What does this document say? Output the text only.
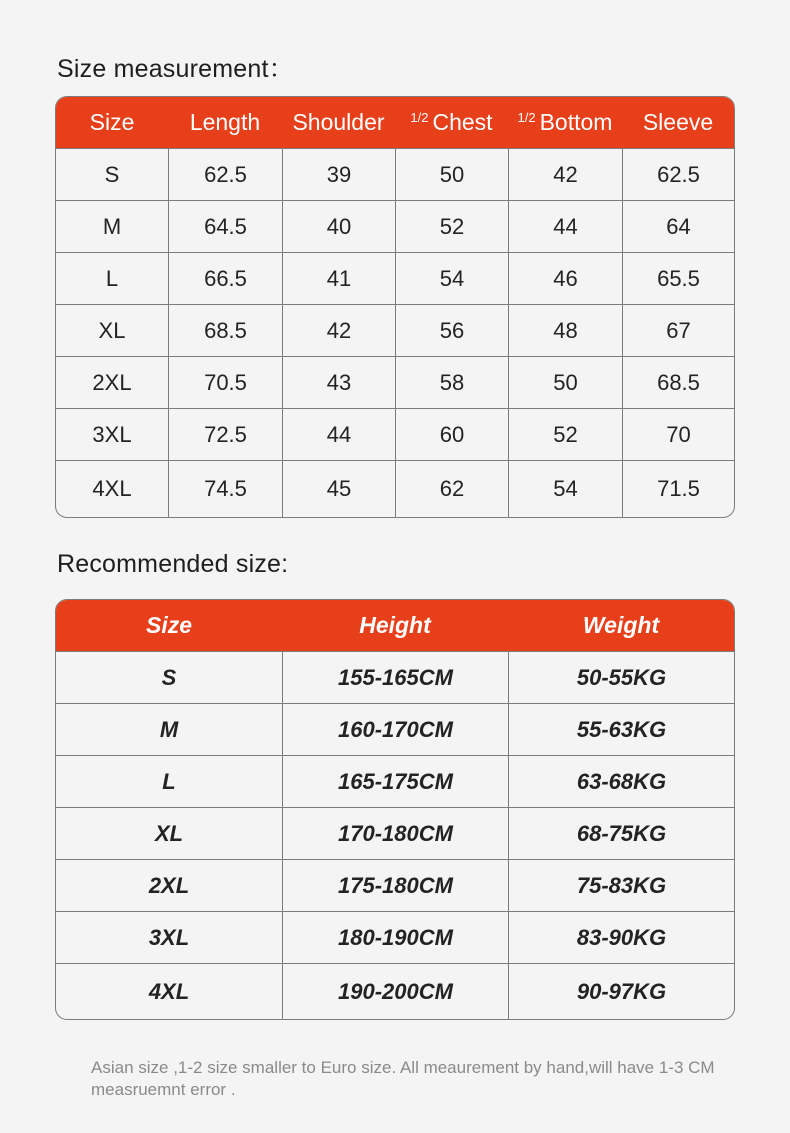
Size measurement：
Size	Length	Shoulder	$^{1/2}$ Chest	$^{1/2}$ Bottom	Sleeve
S	62.5	39	50	42	62.5
M	64.5	40	52	44	64
L	66.5	41	54	46	65.5
XL	68.5	42	56	48	67
2XL	70.5	43	58	50	68.5
3XL	72.5	44	60	52	70
4XL	74.5	45	62	54	71.5
Recommended size:
Size	Height	Weight
S	155-165CM	50-55KG
M	160-170CM	55-63KG
L	165-175CM	63-68KG
XL	170-180CM	68-75KG
2XL	175-180CM	75-83KG
3XL	180-190CM	83-90KG
4XL	190-200CM	90-97KG
Asian size ,1-2 size smaller to Euro size. All meaurement by hand,will have 1-3 CM measruemnt error .
